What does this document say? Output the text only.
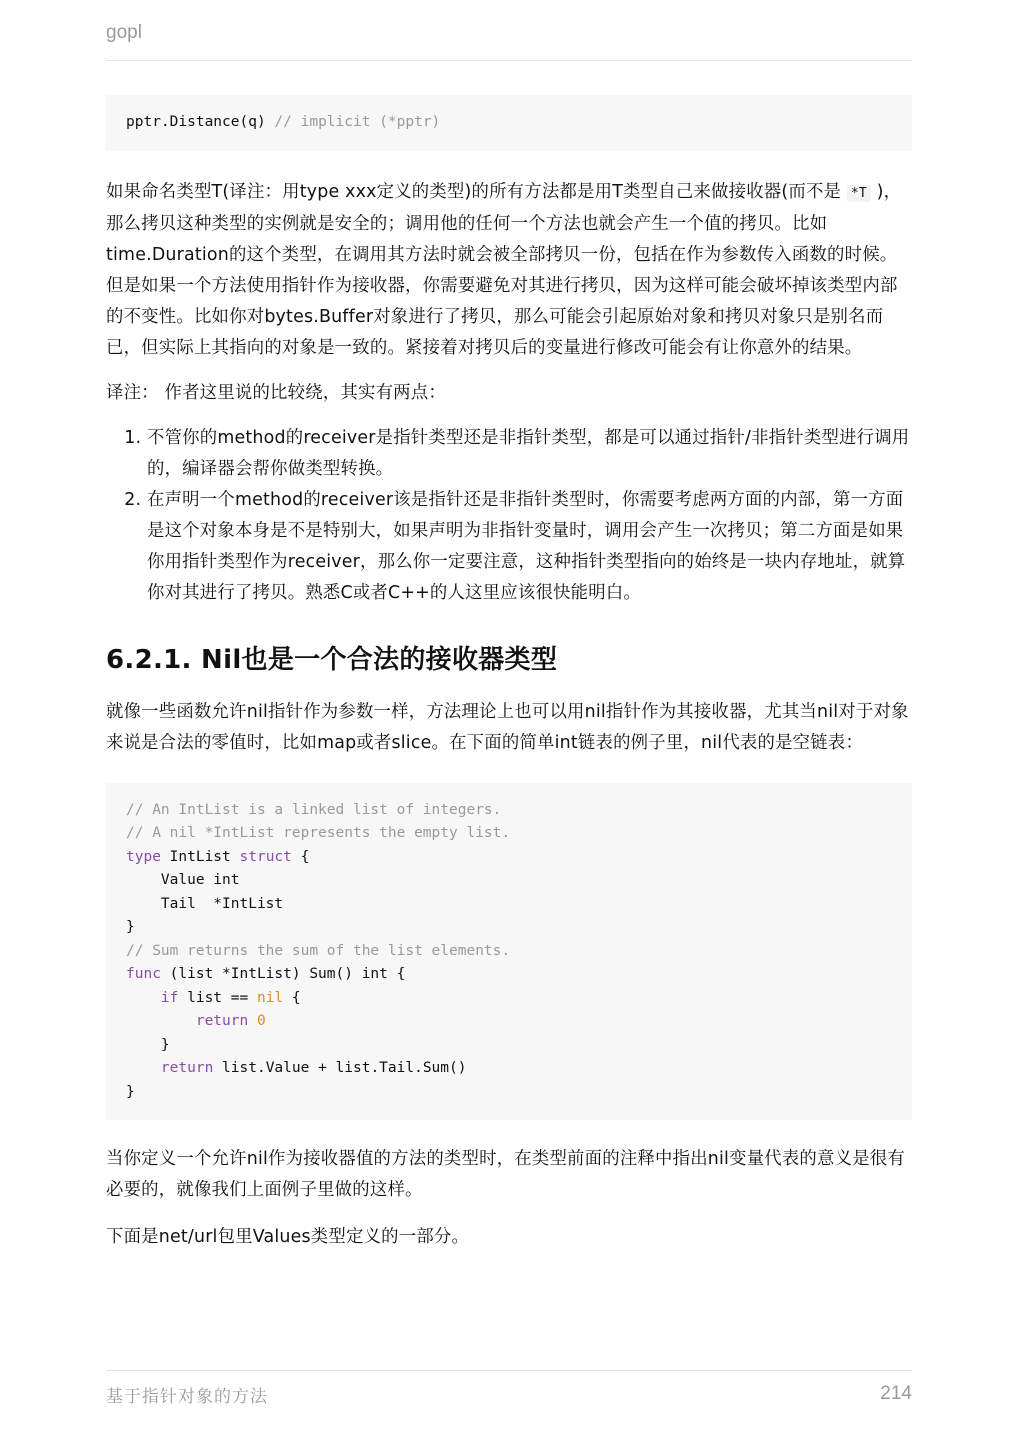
gopl
pptr.Distance(q) // implicit (*pptr)

如果命名类型T(译注：用type xxx定义的类型)的所有方法都是用T类型自己来做接收器(而不是 *T )，那么拷贝这种类型的实例就是安全的；调用他的任何一个方法也就会产生一个值的拷贝。比如time.Duration的这个类型，在调用其方法时就会被全部拷贝一份，包括在作为参数传入函数的时候。但是如果一个方法使用指针作为接收器，你需要避免对其进行拷贝，因为这样可能会破坏掉该类型内部的不变性。比如你对bytes.Buffer对象进行了拷贝，那么可能会引起原始对象和拷贝对象只是别名而已，但实际上其指向的对象是一致的。紧接着对拷贝后的变量进行修改可能会有让你意外的结果。

译注： 作者这里说的比较绕，其实有两点：

1. 不管你的method的receiver是指针类型还是非指针类型，都是可以通过指针/非指针类型进行调用的，编译器会帮你做类型转换。
2. 在声明一个method的receiver该是指针还是非指针类型时，你需要考虑两方面的内部，第一方面是这个对象本身是不是特别大，如果声明为非指针变量时，调用会产生一次拷贝；第二方面是如果你用指针类型作为receiver，那么你一定要注意，这种指针类型指向的始终是一块内存地址，就算你对其进行了拷贝。熟悉C或者C++的人这里应该很快能明白。
6.2.1. Nil也是一个合法的接收器类型

就像一些函数允许nil指针作为参数一样，方法理论上也可以用nil指针作为其接收器，尤其当nil对于对象来说是合法的零值时，比如map或者slice。在下面的简单int链表的例子里，nil代表的是空链表：

// An IntList is a linked list of integers.
// A nil *IntList represents the empty list.
type IntList struct {
Value int
Tail  *IntList
}
// Sum returns the sum of the list elements.
func (list *IntList) Sum() int {
if list == nil {
return 0
}
return list.Value + list.Tail.Sum()
}

当你定义一个允许nil作为接收器值的方法的类型时，在类型前面的注释中指出nil变量代表的意义是很有必要的，就像我们上面例子里做的这样。

下面是net/url包里Values类型定义的一部分。

基于指针对象的方法	214
